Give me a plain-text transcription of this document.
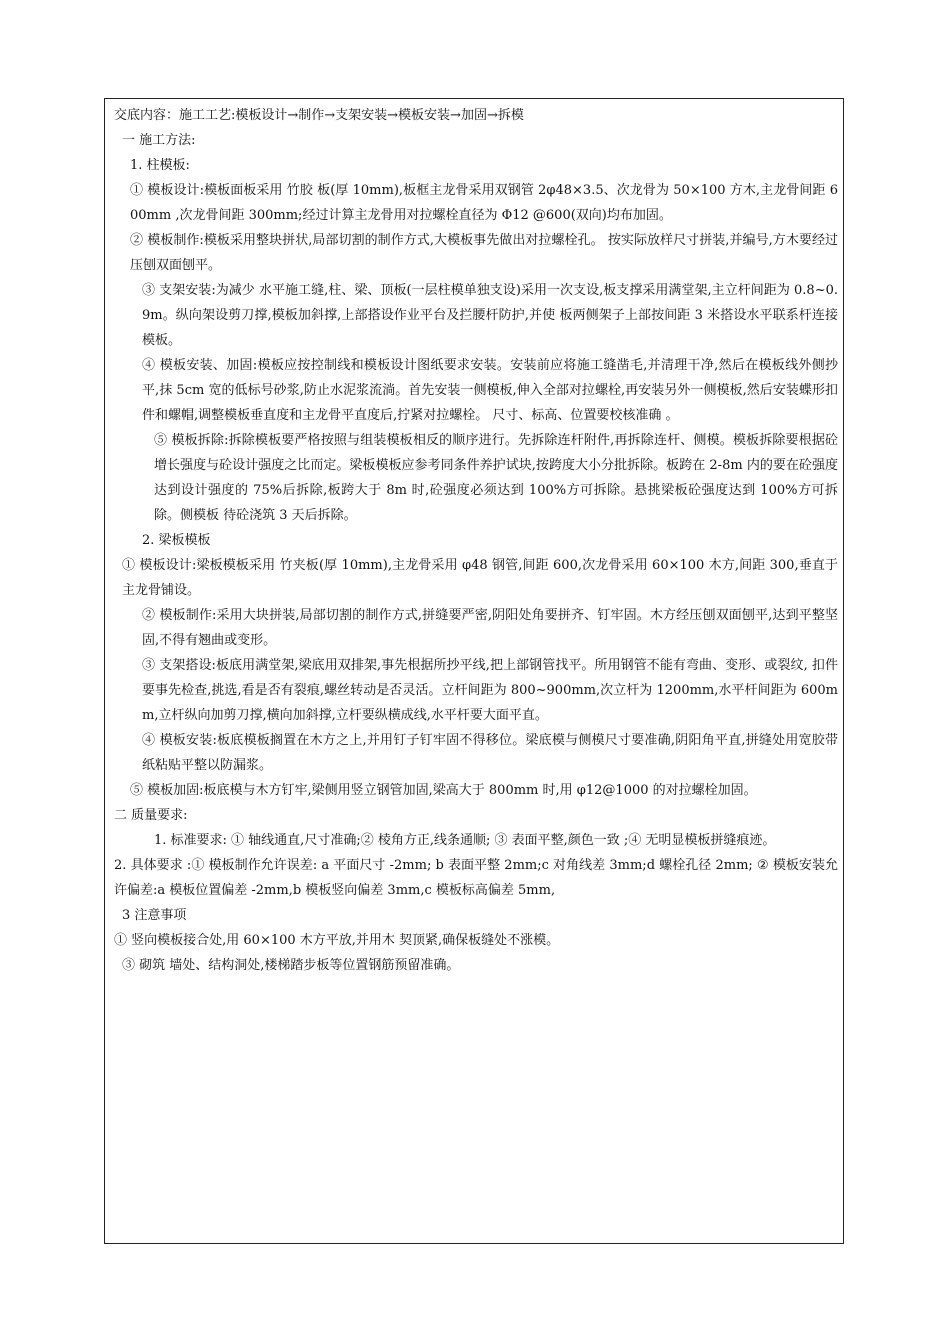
交底内容：施工工艺:模板设计→制作→支架安装→模板安装→加固→拆模

一 施工方法:

1. 柱模板:

① 模板设计:模板面板采用 竹胶 板(厚 10mm),板框主龙骨采用双钢管 2φ48×3.5、次龙骨为 50×100 方木,主龙骨间距 600mm ,次龙骨间距 300mm;经过计算主龙骨用对拉螺栓直径为 Φ12 @600(双向)均布加固。

② 模板制作:模板采用整块拼状,局部切割的制作方式,大模板事先做出对拉螺栓孔。 按实际放样尺寸拼装,并编号,方木要经过压刨双面刨平。

③ 支架安装:为减少 水平施工缝,柱、梁、顶板(一层柱模单独支设)采用一次支设,板支撑采用满堂架,主立杆间距为 0.8~0.9m。纵向架设剪刀撑,模板加斜撑,上部搭设作业平台及拦腰杆防护,并使 板两侧架子上部按间距 3 米搭设水平联系杆连接模板。

④ 模板安装、加固:模板应按控制线和模板设计图纸要求安装。安装前应将施工缝凿毛,并清理干净,然后在模板线外侧抄平,抹 5cm 宽的低标号砂浆,防止水泥浆流淌。首先安装一侧模板,伸入全部对拉螺栓,再安装另外一侧模板,然后安装蝶形扣件和螺帽,调整模板垂直度和主龙骨平直度后,拧紧对拉螺栓。 尺寸、标高、位置要校核准确 。

⑤ 模板拆除:拆除模板要严格按照与组装模板相反的顺序进行。先拆除连杆附件,再拆除连杆、侧模。模板拆除要根据砼增长强度与砼设计强度之比而定。梁板模板应参考同条件养护试块,按跨度大小分批拆除。板跨在 2-8m 内的要在砼强度达到设计强度的 75%后拆除,板跨大于 8m 时,砼强度必须达到 100%方可拆除。悬挑梁板砼强度达到 100%方可拆除。侧模板 待砼浇筑 3 天后拆除。

2. 梁板模板

① 模板设计:梁板模板采用 竹夹板(厚 10mm),主龙骨采用 φ48 钢管,间距 600,次龙骨采用 60×100 木方,间距 300,垂直于主龙骨铺设。

② 模板制作:采用大块拼装,局部切割的制作方式,拼缝要严密,阴阳处角要拼齐、钉牢固。木方经压刨双面刨平,达到平整坚固,不得有翘曲或变形。

③ 支架搭设:板底用满堂架,梁底用双排架,事先根据所抄平线,把上部钢管找平。所用钢管不能有弯曲、变形、或裂纹, 扣件要事先检查,挑选,看是否有裂痕,螺丝转动是否灵活。立杆间距为 800~900mm,次立杆为 1200mm,水平杆间距为 600mm,立杆纵向加剪刀撑,横向加斜撑,立杆要纵横成线,水平杆要大面平直。

④ 模板安装:板底模板搁置在木方之上,并用钉子钉牢固不得移位。梁底模与侧模尺寸要准确,阴阳角平直,拼缝处用宽胶带纸粘贴平整以防漏浆。

⑤ 模板加固:板底模与木方钉牢,梁侧用竖立钢管加固,梁高大于 800mm 时,用 φ12@1000 的对拉螺栓加固。

二 质量要求:

1. 标准要求: ① 轴线通直,尺寸准确;② 棱角方正,线条通顺; ③ 表面平整,颜色一致 ;④ 无明显模板拼缝痕迹。

2. 具体要求 :① 模板制作允许误差: a 平面尺寸 -2mm; b 表面平整 2mm;c 对角线差 3mm;d 螺栓孔径 2mm; ② 模板安装允许偏差:a 模板位置偏差 -2mm,b 模板竖向偏差 3mm,c 模板标高偏差 5mm,

3 注意事项

① 竖向模板接合处,用 60×100 木方平放,并用木 契顶紧,确保板缝处不涨模。

③ 砌筑 墙处、结构洞处,楼梯踏步板等位置钢筋预留准确。
